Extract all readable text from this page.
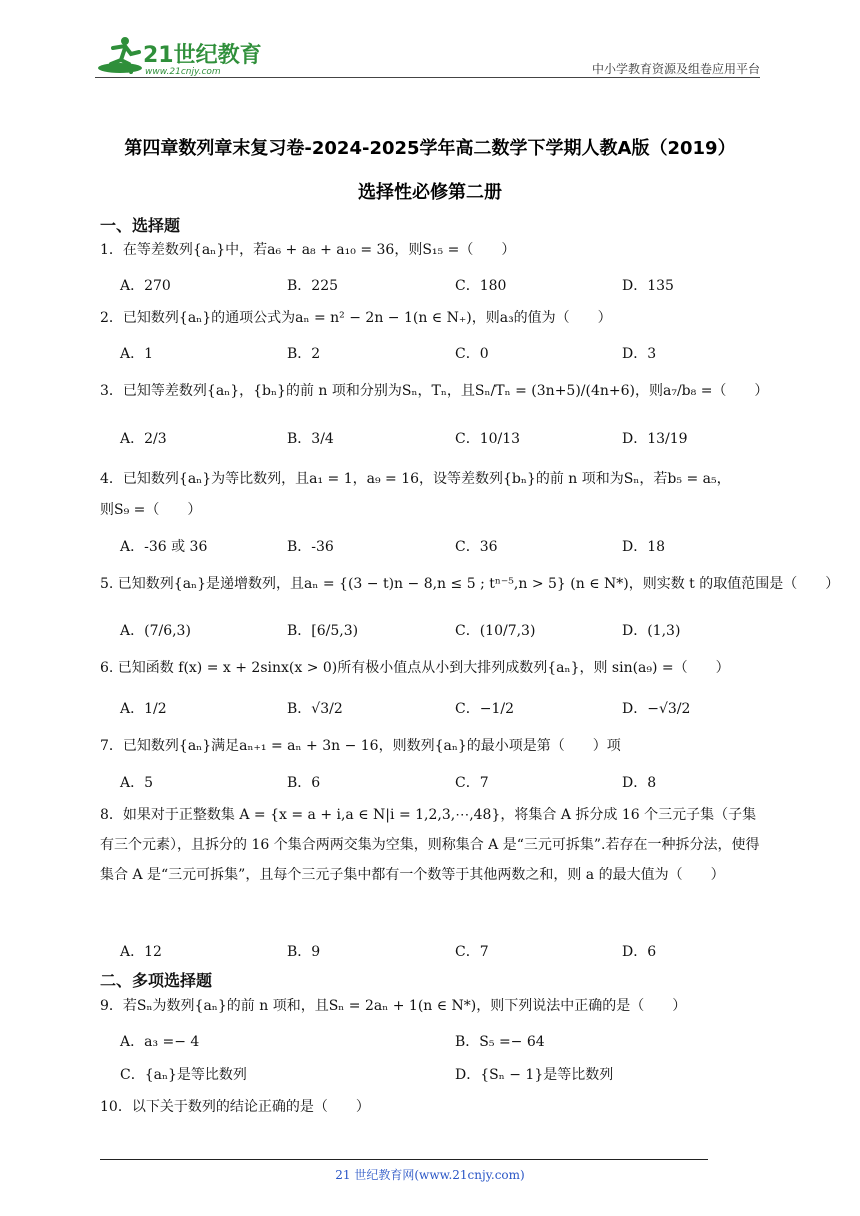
21世纪教育
www.21cnjy.com	中小学教育资源及组卷应用平台
第四章数列章末复习卷-2024-2025学年高二数学下学期人教A版（2019）
选择性必修第二册
一、选择题
1．在等差数列{aₙ}中，若a₆ + a₈ + a₁₀ = 36，则S₁₅ =（　　）
A．270	B．225	C．180	D．135
2．已知数列{aₙ}的通项公式为aₙ = n² − 2n − 1(n ∈ N₊)，则a₃的值为（　　）
A．1	B．2	C．0	D．3
3．已知等差数列{aₙ}，{bₙ}的前 n 项和分别为Sₙ，Tₙ，且Sₙ/Tₙ = (3n+5)/(4n+6)，则a₇/b₈ =（　　）
A．2/3	B．3/4	C．10/13	D．13/19
4．已知数列{aₙ}为等比数列，且a₁ = 1，a₉ = 16，设等差数列{bₙ}的前 n 项和为Sₙ，若b₅ = a₅，
则S₉ =（　　）
A．-36 或 36	B．-36	C．36	D．18
5. 已知数列{aₙ}是递增数列，且aₙ = {(3 − t)n − 8,n ≤ 5 ; tⁿ⁻⁵,n > 5} (n ∈ N*)，则实数 t 的取值范围是（　　）
A．(7/6,3)	B．[6/5,3)	C．(10/7,3)	D．(1,3)
6. 已知函数 f(x) = x + 2sinx(x > 0)所有极小值点从小到大排列成数列{aₙ}，则 sin(a₉) =（　　）
A．1/2	B．√3/2	C．−1/2	D．−√3/2
7．已知数列{aₙ}满足aₙ₊₁ = aₙ + 3n − 16，则数列{aₙ}的最小项是第（　　）项
A．5	B．6	C．7	D．8
8．如果对于正整数集 A = {x = a + i,a ∈ N|i = 1,2,3,⋯,48}，将集合 A 拆分成 16 个三元子集（子集有三个元素），且拆分的 16 个集合两两交集为空集，则称集合 A 是“三元可拆集”.若存在一种拆分法，使得集合 A 是“三元可拆集”，且每个三元子集中都有一个数等于其他两数之和，则 a 的最大值为（　　）
A．12	B．9	C．7	D．6
二、多项选择题
9．若Sₙ为数列{aₙ}的前 n 项和，且Sₙ = 2aₙ + 1(n ∈ N*)，则下列说法中正确的是（　　）
A．a₃ =− 4	B．S₅ =− 64
C．{aₙ}是等比数列	D．{Sₙ − 1}是等比数列
10．以下关于数列的结论正确的是（　　）
21 世纪教育网(www.21cnjy.com)
